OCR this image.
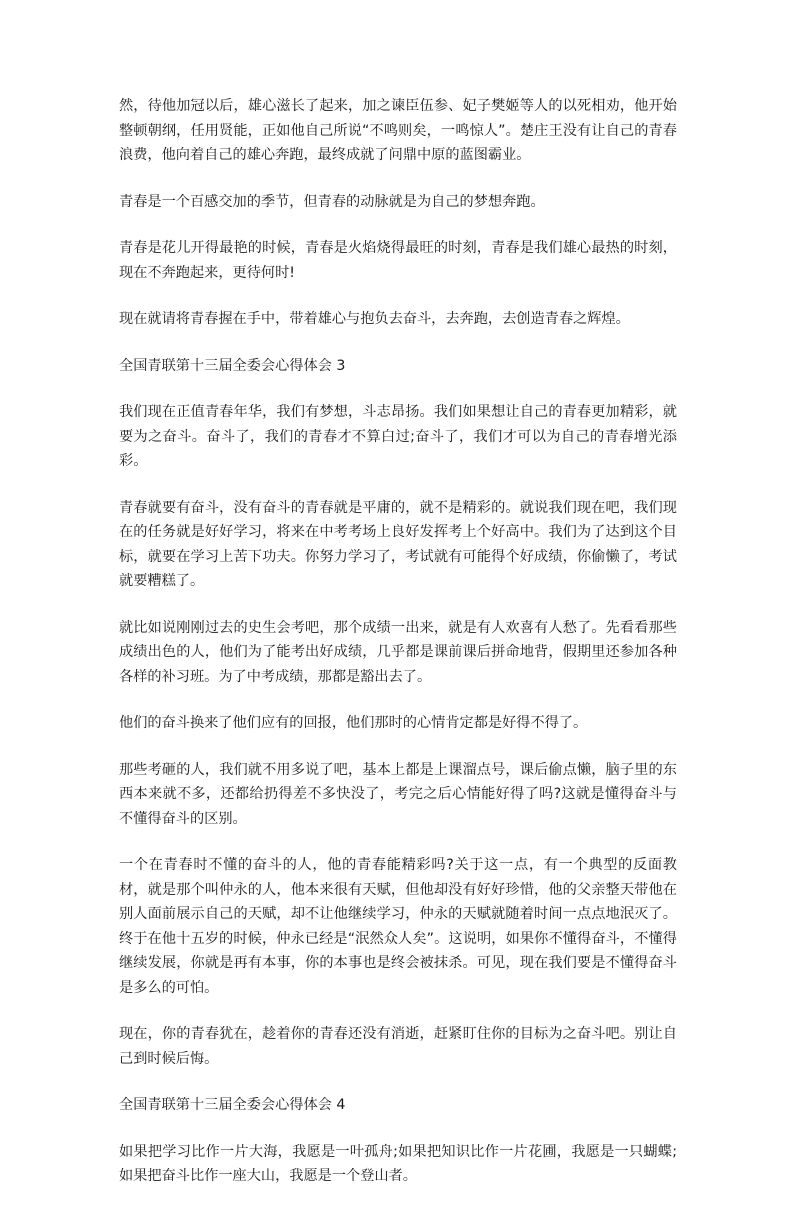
然，待他加冠以后，雄心滋长了起来，加之谏臣伍参、妃子樊姬等人的以死相劝，他开始整顿朝纲，任用贤能，正如他自己所说“不鸣则矣，一鸣惊人”。楚庄王没有让自己的青春浪费，他向着自己的雄心奔跑，最终成就了问鼎中原的蓝图霸业。

青春是一个百感交加的季节，但青春的动脉就是为自己的梦想奔跑。

青春是花儿开得最艳的时候，青春是火焰烧得最旺的时刻，青春是我们雄心最热的时刻，现在不奔跑起来，更待何时!

现在就请将青春握在手中，带着雄心与抱负去奋斗，去奔跑，去创造青春之辉煌。

全国青联第十三届全委会心得体会 3

我们现在正值青春年华，我们有梦想，斗志昂扬。我们如果想让自己的青春更加精彩，就要为之奋斗。奋斗了，我们的青春才不算白过;奋斗了，我们才可以为自己的青春增光添彩。

青春就要有奋斗，没有奋斗的青春就是平庸的，就不是精彩的。就说我们现在吧，我们现在的任务就是好好学习，将来在中考考场上良好发挥考上个好高中。我们为了达到这个目标，就要在学习上苦下功夫。你努力学习了，考试就有可能得个好成绩，你偷懒了，考试就要糟糕了。

就比如说刚刚过去的史生会考吧，那个成绩一出来，就是有人欢喜有人愁了。先看看那些成绩出色的人，他们为了能考出好成绩，几乎都是课前课后拼命地背，假期里还参加各种各样的补习班。为了中考成绩，那都是豁出去了。

他们的奋斗换来了他们应有的回报，他们那时的心情肯定都是好得不得了。

那些考砸的人，我们就不用多说了吧，基本上都是上课溜点号，课后偷点懒，脑子里的东西本来就不多，还都给扔得差不多快没了，考完之后心情能好得了吗?这就是懂得奋斗与不懂得奋斗的区别。

一个在青春时不懂的奋斗的人，他的青春能精彩吗?关于这一点，有一个典型的反面教材，就是那个叫仲永的人，他本来很有天赋，但他却没有好好珍惜，他的父亲整天带他在别人面前展示自己的天赋，却不让他继续学习，仲永的天赋就随着时间一点点地泯灭了。终于在他十五岁的时候，仲永已经是“泯然众人矣”。这说明，如果你不懂得奋斗，不懂得继续发展，你就是再有本事，你的本事也是终会被抹杀。可见，现在我们要是不懂得奋斗是多么的可怕。

现在，你的青春犹在，趁着你的青春还没有消逝，赶紧盯住你的目标为之奋斗吧。别让自己到时候后悔。

全国青联第十三届全委会心得体会 4

如果把学习比作一片大海，我愿是一叶孤舟;如果把知识比作一片花圃，我愿是一只蝴蝶;如果把奋斗比作一座大山，我愿是一个登山者。
